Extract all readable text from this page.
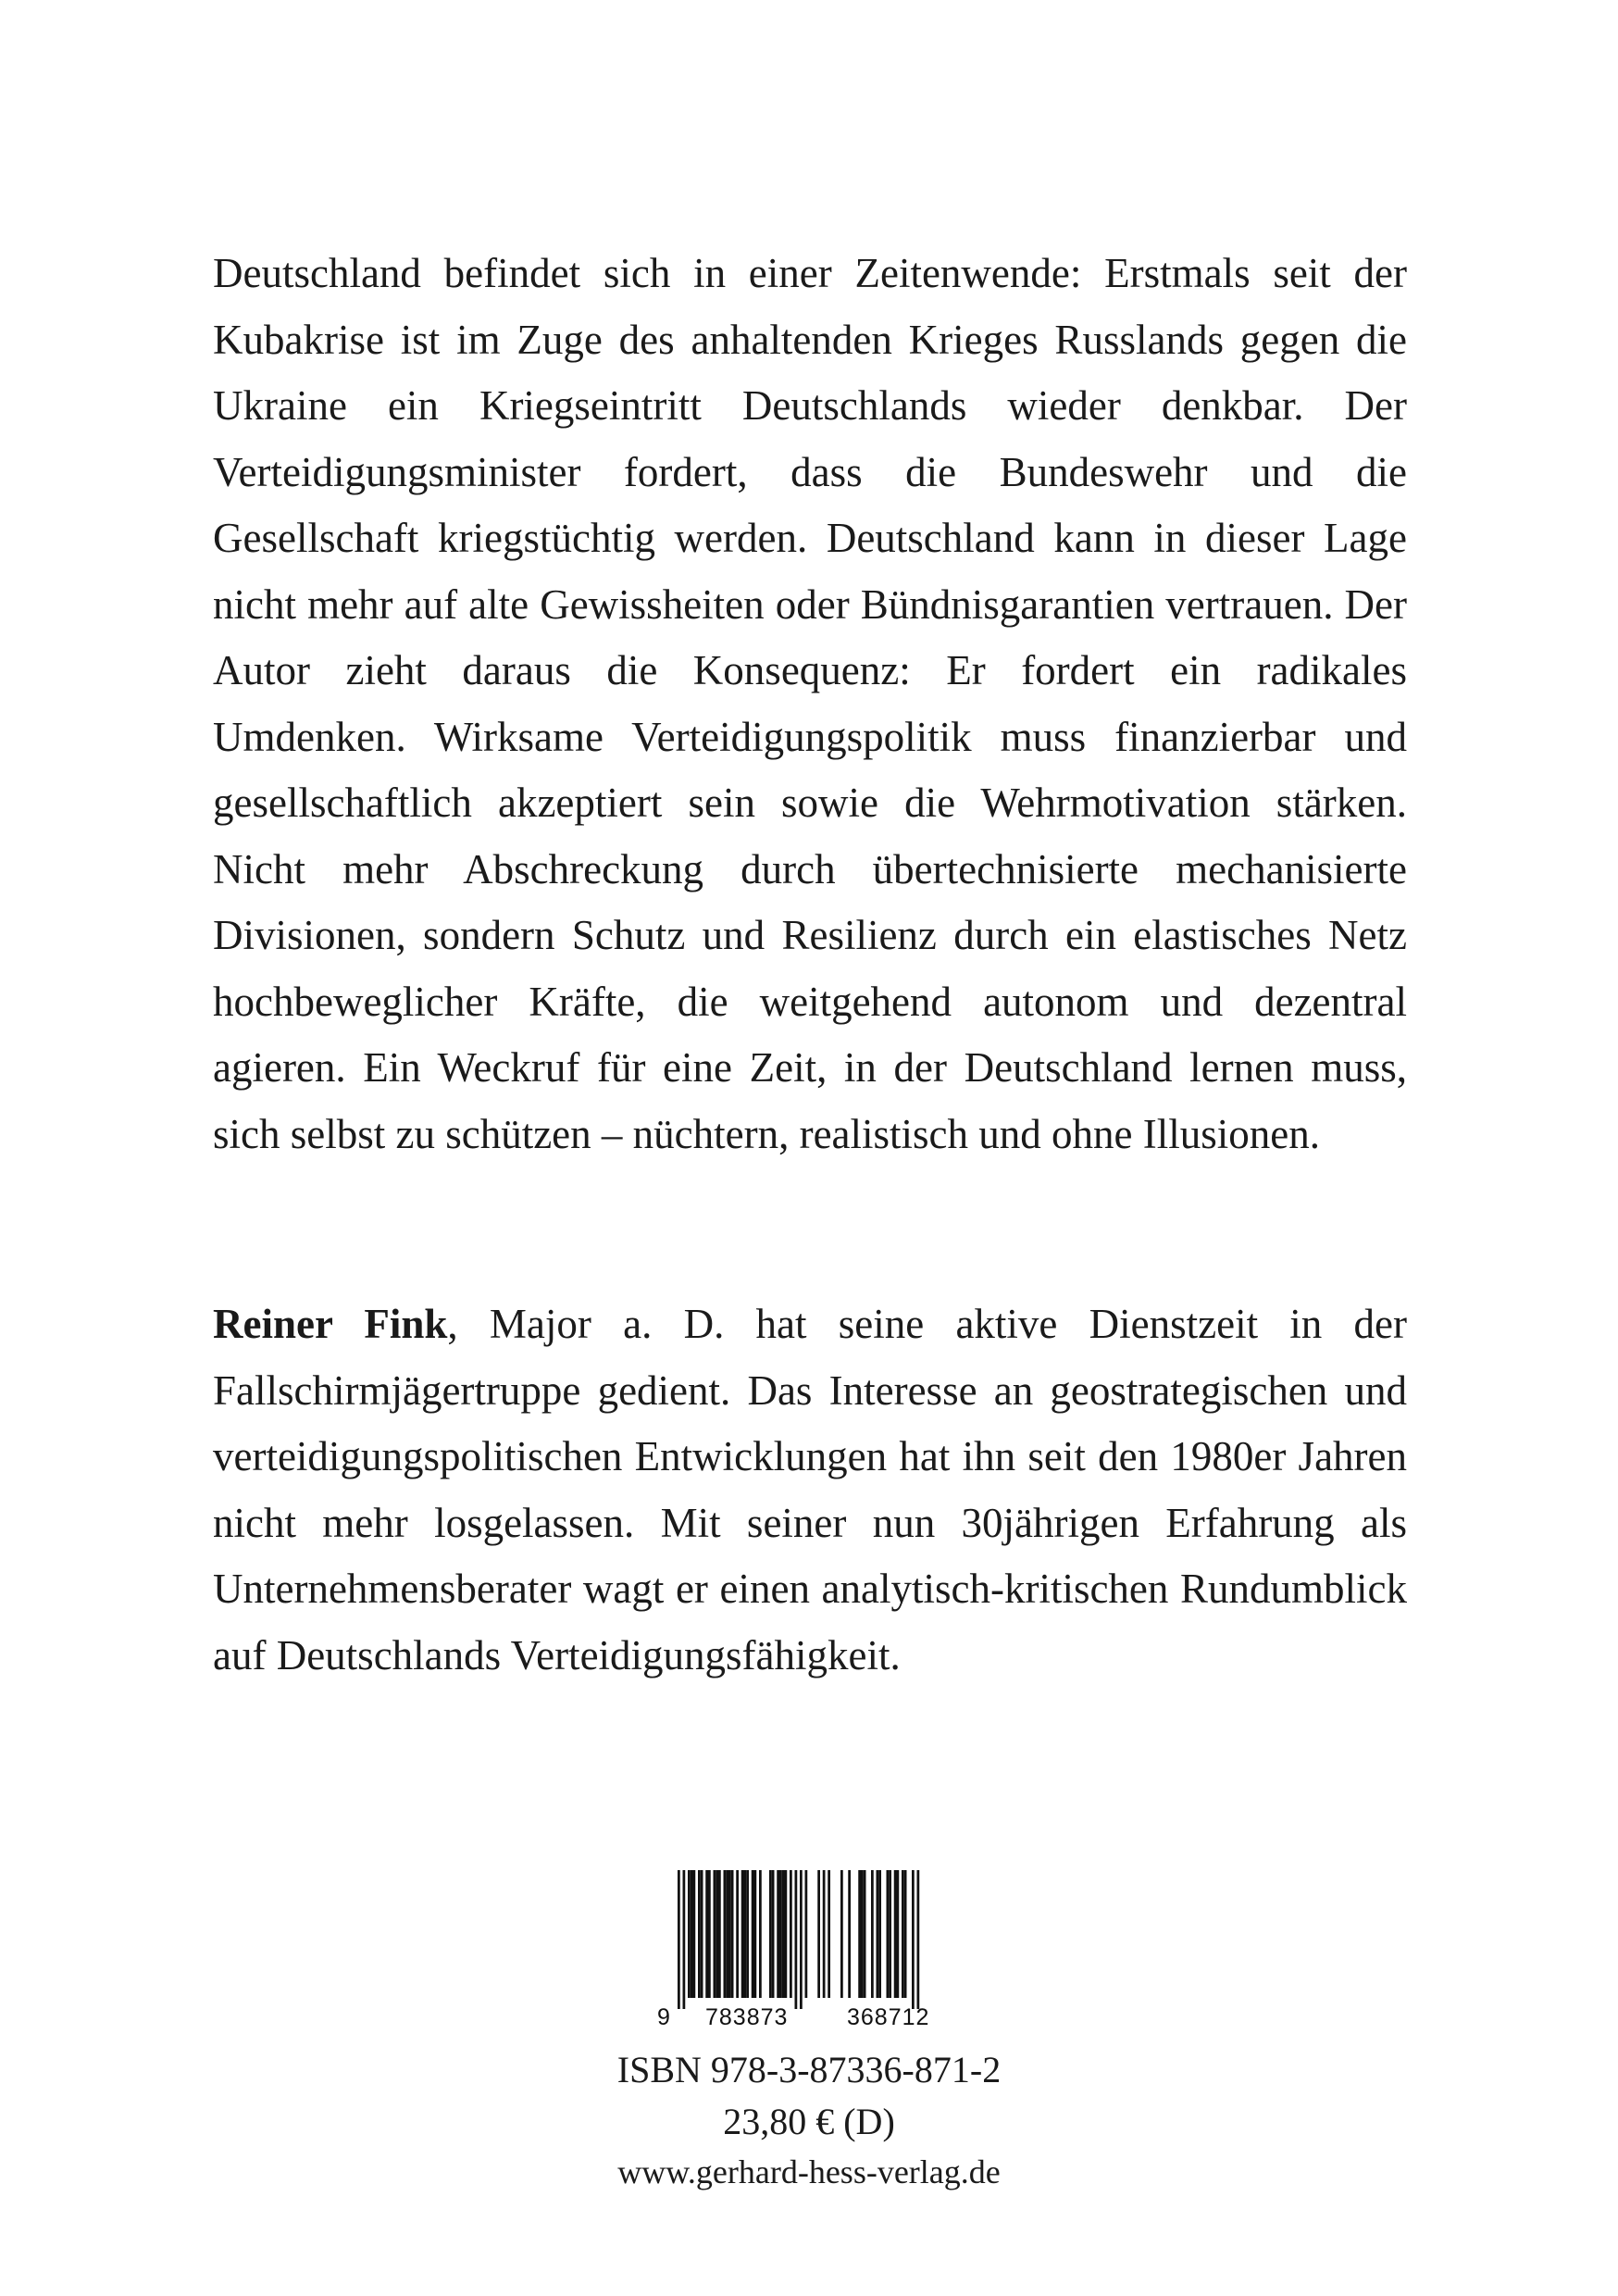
Deutschland befindet sich in einer Zeitenwende: Erstmals seit der Kubakrise ist im Zuge des anhaltenden Krieges Russlands gegen die Ukraine ein Kriegseintritt Deutschlands wieder denkbar. Der Verteidigungsminister fordert, dass die Bundeswehr und die Gesellschaft kriegstüchtig werden. Deutschland kann in dieser Lage nicht mehr auf alte Gewissheiten oder Bündnisgarantien vertrauen. Der Autor zieht daraus die Konsequenz: Er fordert ein radikales Umdenken. Wirksame Verteidigungspolitik muss finanzierbar und gesellschaftlich akzeptiert sein sowie die Wehrmotivation stärken. Nicht mehr Abschreckung durch übertechnisierte mechanisierte Divisionen, sondern Schutz und Resilienz durch ein elastisches Netz hochbeweglicher Kräfte, die weitgehend autonom und dezentral agieren. Ein Weckruf für eine Zeit, in der Deutschland lernen muss, sich selbst zu schützen – nüchtern, realistisch und ohne Illusionen.

Reiner Fink, Major a. D. hat seine aktive Dienstzeit in der Fallschirmjägertruppe gedient. Das Interesse an geostrategischen und verteidigungspolitischen Entwicklungen hat ihn seit den 1980er Jahren nicht mehr losgelassen. Mit seiner nun 30jährigen Erfahrung als Unternehmensberater wagt er einen analytisch-kritischen Rundumblick auf Deutschlands Verteidigungsfähigkeit.

9 783873	368712
ISBN 978-3-87336-871-2
23,80 € (D)
www.gerhard-hess-verlag.de
